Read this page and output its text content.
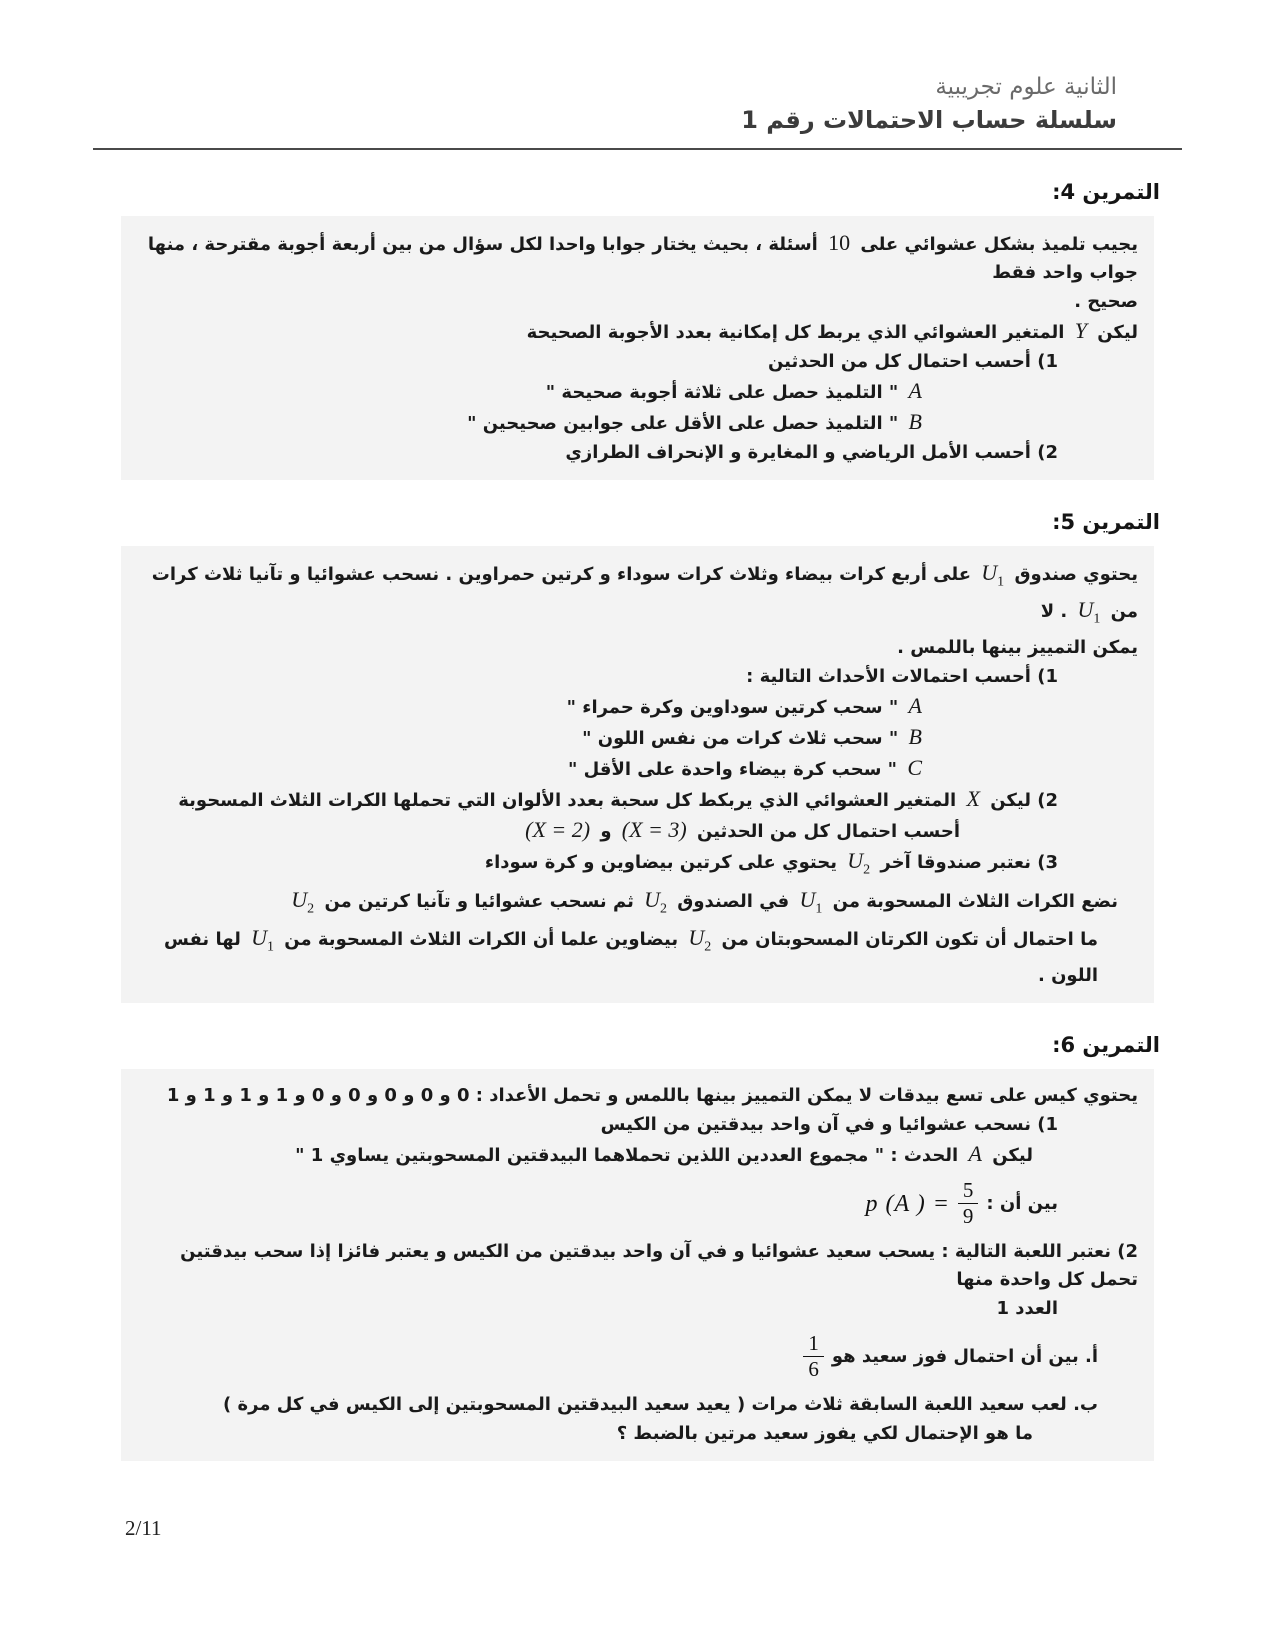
الثانية علوم تجريبية
سلسلة حساب الاحتمالات رقم 1
التمرين 4:
يجيب تلميذ بشكل عشوائي على 10 أسئلة ، بحيث يختار جوابا واحدا لكل سؤال من بين أربعة أجوبة مقترحة ، منها جواب واحد فقط
صحيح .
ليكن Y المتغير العشوائي الذي يربط كل إمكانية بعدد الأجوبة الصحيحة
1) أحسب احتمال كل من الحدثين
A " التلميذ حصل على ثلاثة أجوبة صحيحة "
B " التلميذ حصل على الأقل على جوابين صحيحين "
2) أحسب الأمل الرياضي و المغايرة و الإنحراف الطرازي
التمرين 5:
يحتوي صندوق $U_1$ على أربع كرات بيضاء وثلاث كرات سوداء و كرتين حمراوين . نسحب عشوائيا و تآنيا ثلاث كرات من $U_1$ . لا
يمكن التمييز بينها باللمس .
1) أحسب احتمالات الأحداث التالية :
A " سحب كرتين سوداوين وكرة حمراء "
B " سحب ثلاث كرات من نفس اللون "
C " سحب كرة بيضاء واحدة على الأقل "
2) ليكن X المتغير العشوائي الذي يربكط كل سحبة بعدد الألوان التي تحملها الكرات الثلاث المسحوبة
أحسب احتمال كل من الحدثين (X = 3) و (X = 2)
3) نعتبر صندوقا آخر $U_2$ يحتوي على كرتين بيضاوين و كرة سوداء
نضع الكرات الثلاث المسحوبة من $U_1$ في الصندوق $U_2$ ثم نسحب عشوائيا و تآنيا كرتين من $U_2$
ما احتمال أن تكون الكرتان المسحوبتان من $U_2$ بيضاوين علما أن الكرات الثلاث المسحوبة من $U_1$ لها نفس اللون .
التمرين 6:
يحتوي كيس على تسع بيدقات لا يمكن التمييز بينها باللمس و تحمل الأعداد : 0 و 0 و 0 و 0 و 0 و 1 و 1 و 1 و 1
1) نسحب عشوائيا و في آن واحد بيدقتين من الكيس
ليكن A الحدث : " مجموع العددين اللذين تحملاهما البيدقتين المسحوبتين يساوي 1 "
بين أن :
p (A ) = $\frac{5}{9}$
2) نعتبر اللعبة التالية : يسحب سعيد عشوائيا و في آن واحد بيدقتين من الكيس و يعتبر فائزا إذا سحب بيدقتين تحمل كل واحدة منها
العدد 1
أ. بين أن احتمال فوز سعيد هو
$\frac{1}{6}$
ب. لعب سعيد اللعبة السابقة ثلاث مرات ( يعيد سعيد البيدقتين المسحوبتين إلى الكيس في كل مرة )
ما هو الإحتمال لكي يفوز سعيد مرتين بالضبط ؟
2/11
